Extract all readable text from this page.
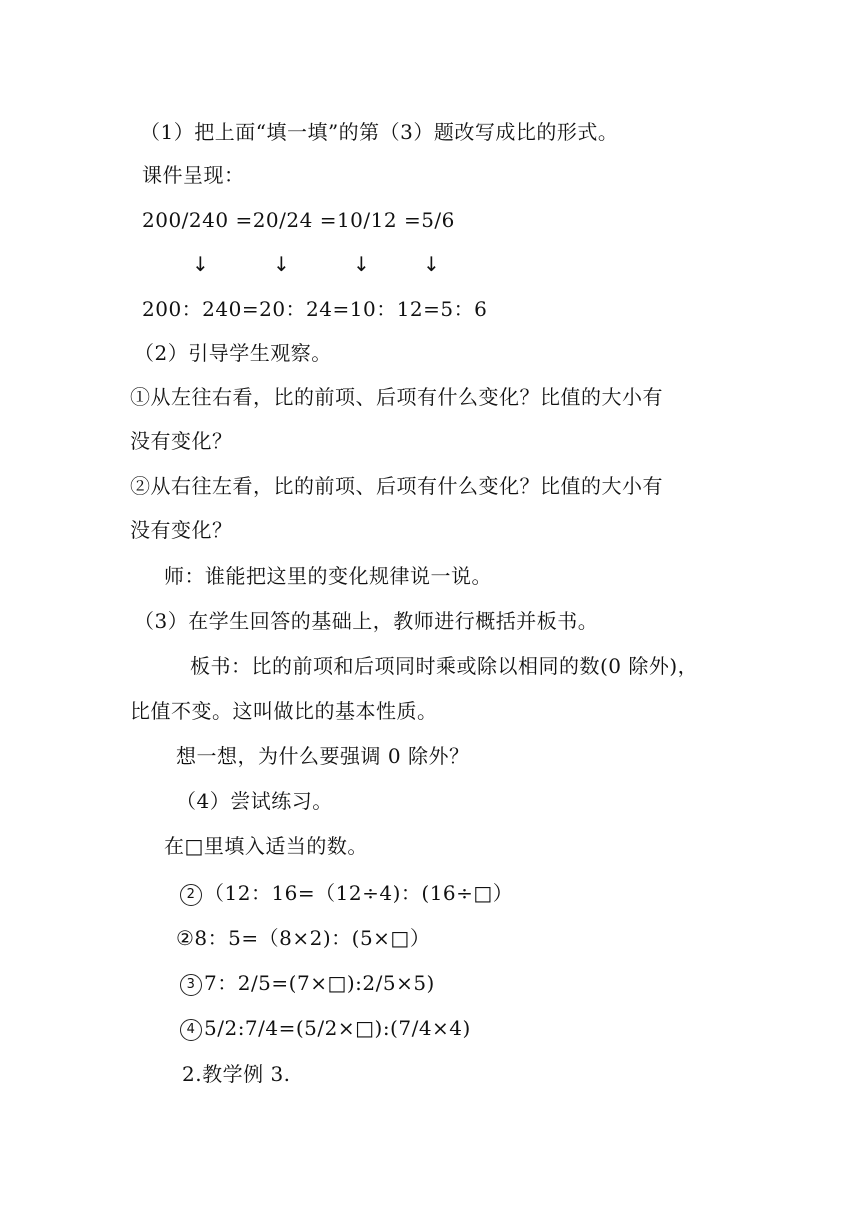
（1）把上面“填一填”的第（3）题改写成比的形式。
课件呈现：
200/240 =20/24 =10/12 =5/6
↓	↓	↓	↓
200：240=20：24=10：12=5：6
（2）引导学生观察。
①从左往右看，比的前项、后项有什么变化？比值的大小有
没有变化？
②从右往左看，比的前项、后项有什么变化？比值的大小有
没有变化？
师：谁能把这里的变化规律说一说。
（3）在学生回答的基础上，教师进行概括并板书。
板书：比的前项和后项同时乘或除以相同的数(0 除外)，
比值不变。这叫做比的基本性质。
想一想，为什么要强调 0 除外？
（4）尝试练习。
在□里填入适当的数。
2 （12：16=（12÷4)：(16÷□）
②8：5=（8×2)：(5×□）
3 7：2/5=(7×□):2/5×5)
4 5/2:7/4=(5/2×□):(7/4×4)
2.教学例 3.
